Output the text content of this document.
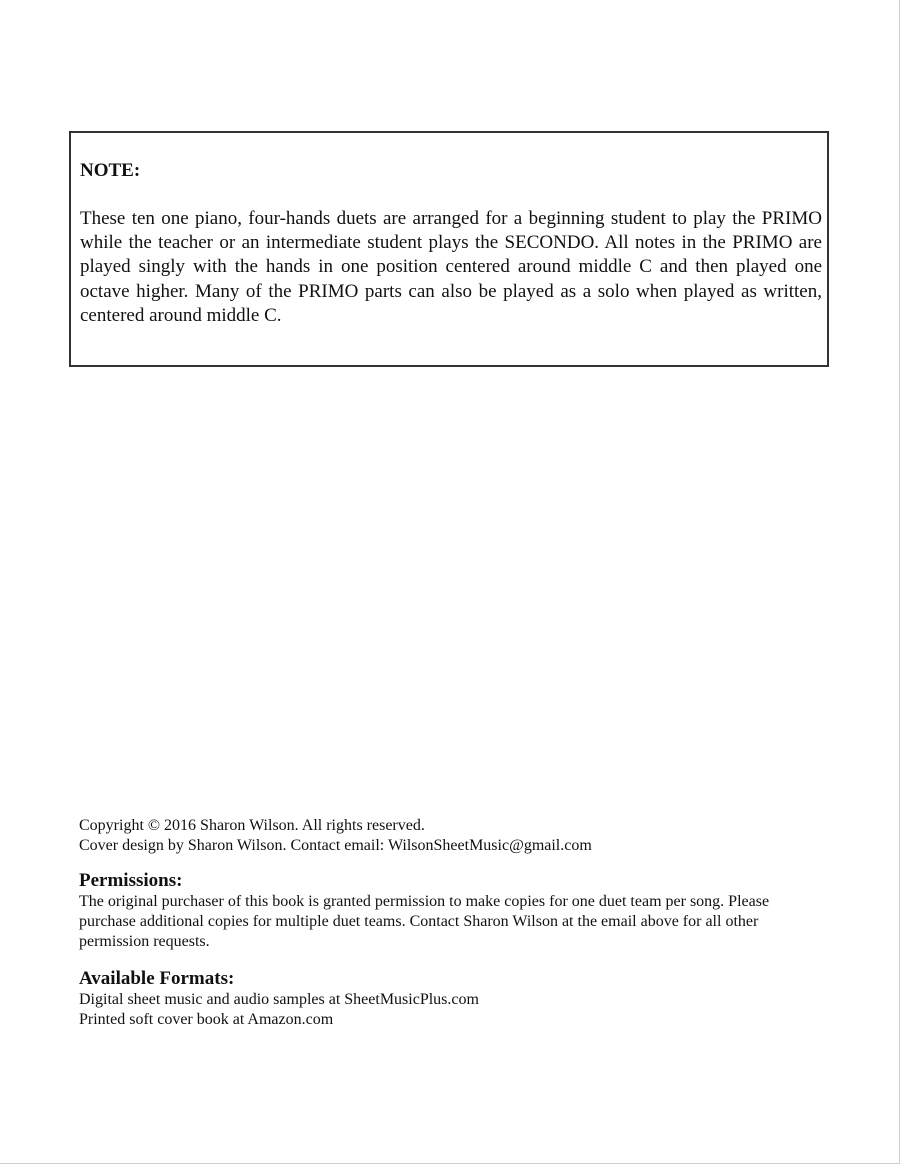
NOTE:

These ten one piano, four-hands duets are arranged for a beginning student to play the PRIMO while the teacher or an intermediate student plays the SECONDO. All notes in the PRIMO are played singly with the hands in one position centered around middle C and then played one octave higher. Many of the PRIMO parts can also be played as a solo when played as written, centered around middle C.

Copyright © 2016 Sharon Wilson. All rights reserved.

Cover design by Sharon Wilson. Contact email: WilsonSheetMusic@gmail.com

Permissions:

The original purchaser of this book is granted permission to make copies for one duet team per song. Please purchase additional copies for multiple duet teams. Contact Sharon Wilson at the email above for all other permission requests.

Available Formats:

Digital sheet music and audio samples at SheetMusicPlus.com

Printed soft cover book at Amazon.com
